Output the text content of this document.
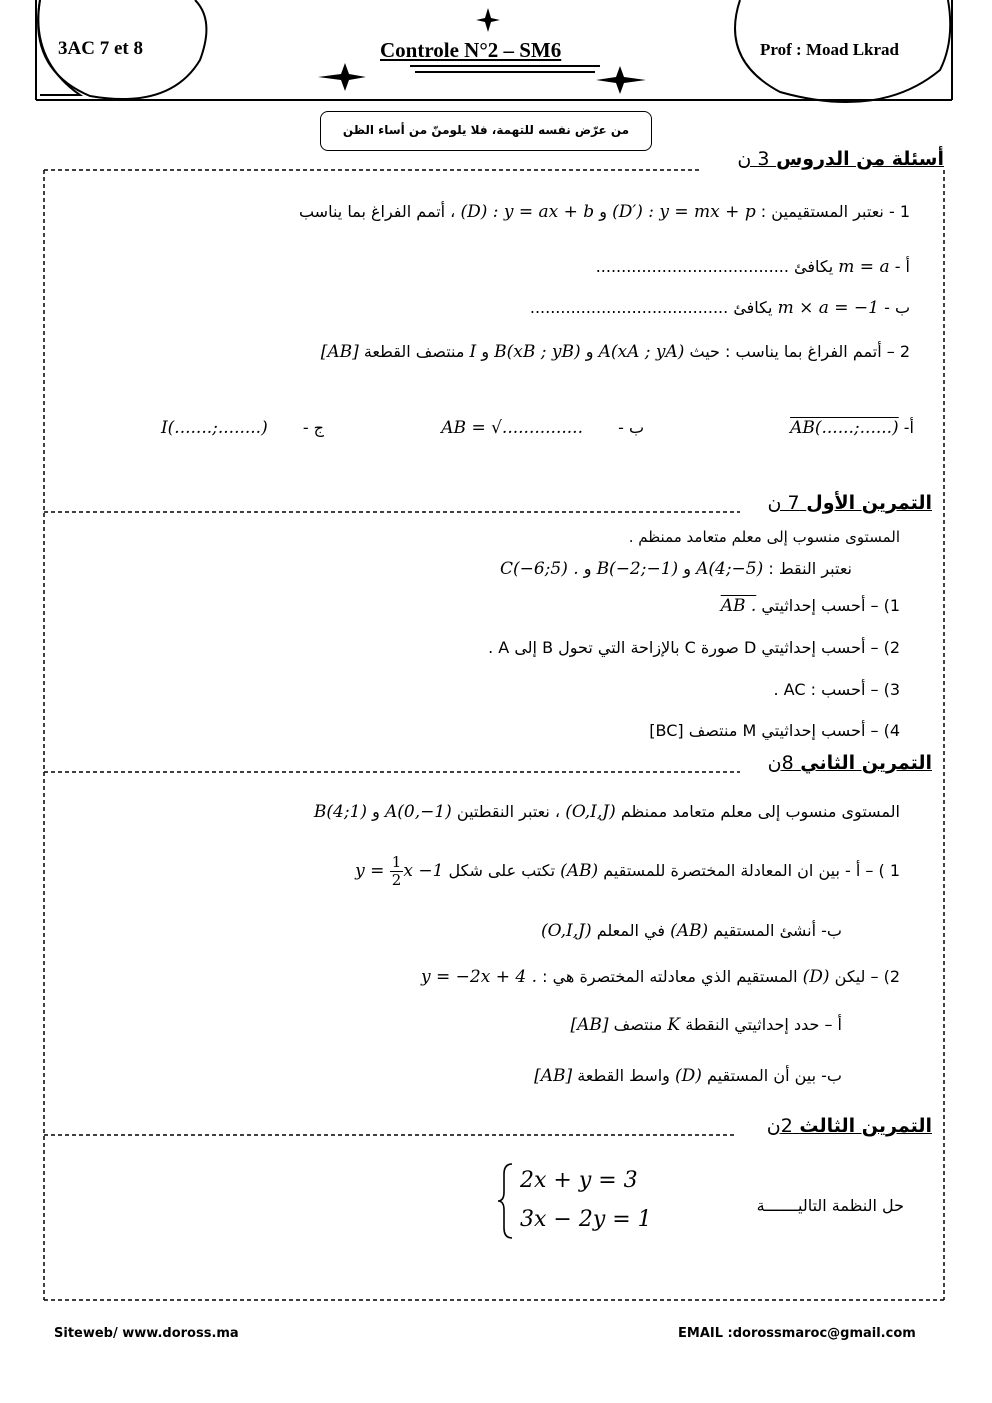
3AC 7 et 8	Controle N°2 – SM6	Prof : Moad Lkrad
من عرّض نفسه للتهمة، فلا يلومنّ من أساء الظن
أسئلة من الدروس 3 ن
التمرين الأول 7 ن
التمرين الثاني 8ن
التمرين الثالث 2ن
1 - نعتبر المستقيمين : (D′) : y = mx + p و (D) : y = ax + b ، أتمم الفراغ بما يناسب
أ - m = a يكافئ ......................................
ب - m × a = −1 يكافئ .......................................
2 – أتمم الفراغ بما يناسب : حيث A(xA ; yA) و B(xB ; yB) و I منتصف القطعة [AB]
أ- AB(......;......)
ب - AB = √...............
ج - I(.......;........)
المستوى منسوب إلى معلم متعامد ممنظم .
نعتبر النقط : A(4;−5) و B(−2;−1) و C(−6;5) .
1) – أحسب إحداثيتي AB .
2) – أحسب إحداثيتي D صورة C بالإزاحة التي تحول B إلى A .
3) – أحسب : AC .
4) – أحسب إحداثيتي M منتصف [BC]
المستوى منسوب إلى معلم متعامد ممنظم (O,I,J) ، نعتبر النقطتين A(0,−1) و B(4;1)
1 ) – أ - بين ان المعادلة المختصرة للمستقيم (AB) تكتب على شكل $y = \frac{1}{2}$ x −1
ب- أنشئ المستقيم (AB) في المعلم (O,I,J)
2) – ليكن (D) المستقيم الذي معادلته المختصرة هي : y = −2x + 4 .
أ – حدد إحداثيتي النقطة K منتصف [AB]
ب- بين أن المستقيم (D) واسط القطعة [AB]
حل النظمة التاليـــــــة
2x + y = 3
3x − 2y = 1
Siteweb/ www.doross.ma	EMAIL :dorossmaroc@gmail.com
